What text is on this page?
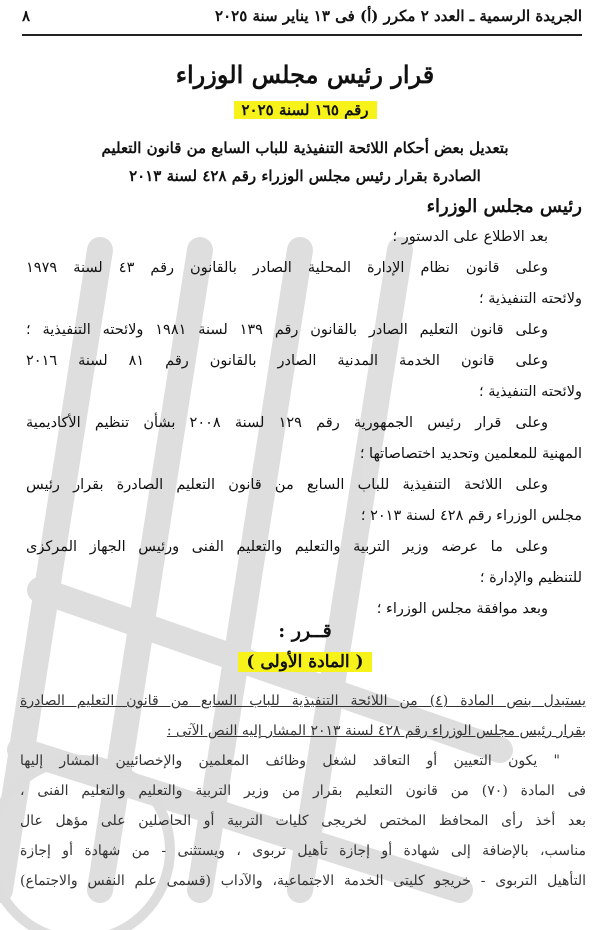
الجريدة الرسمية ـ العدد ٢ مكرر (أ) فى ١٣ يناير سنة ٢٠٢٥
٨
قرار رئيس مجلس الوزراء
رقم ١٦٥ لسنة ٢٠٢٥
بتعديل بعض أحكام اللائحة التنفيذية للباب السابع من قانون التعليم
الصادرة بقرار رئيس مجلس الوزراء رقم ٤٢٨ لسنة ٢٠١٣
رئيس مجلس الوزراء
بعد الاطلاع على الدستور ؛
وعلى قانون نظام الإدارة المحلية الصادر بالقانون رقم ٤٣ لسنة ١٩٧٩
ولائحته التنفيذية ؛
وعلى قانون التعليم الصادر بالقانون رقم ١٣٩ لسنة ١٩٨١ ولائحته التنفيذية ؛
وعلى قانون الخدمة المدنية الصادر بالقانون رقم ٨١ لسنة ٢٠١٦
ولائحته التنفيذية ؛
وعلى قرار رئيس الجمهورية رقم ١٢٩ لسنة ٢٠٠٨ بشأن تنظيم الأكاديمية
المهنية للمعلمين وتحديد اختصاصاتها ؛
وعلى اللائحة التنفيذية للباب السابع من قانون التعليم الصادرة بقرار رئيس
مجلس الوزراء رقم ٤٢٨ لسنة ٢٠١٣ ؛
وعلى ما عرضه وزير التربية والتعليم والتعليم الفنى ورئيس الجهاز المركزى
للتنظيم والإدارة ؛
وبعد موافقة مجلس الوزراء ؛
قــرر :
( المادة الأولى )
يستبدل بنص المادة (٤) من اللائحة التنفيذية للباب السابع من قانون التعليم الصادرة
بقرار رئيس مجلس الوزراء رقم ٤٢٨ لسنة ٢٠١٣ المشار إليه النص الآتى :
" يكون التعيين أو التعاقد لشغل وظائف المعلمين والإخصائيين المشار إليها
فى المادة (٧٠) من قانون التعليم بقرار من وزير التربية والتعليم والتعليم الفنى ،
بعد أخذ رأى المحافظ المختص لخريجى كليات التربية أو الحاصلين على مؤهل عال
مناسب، بالإضافة إلى شهادة أو إجازة تأهيل تربوى ، ويستثنى - من شهادة أو إجازة
التأهيل التربوى - خريجو كليتى الخدمة الاجتماعية، والآداب (قسمى علم النفس والاجتماع)
